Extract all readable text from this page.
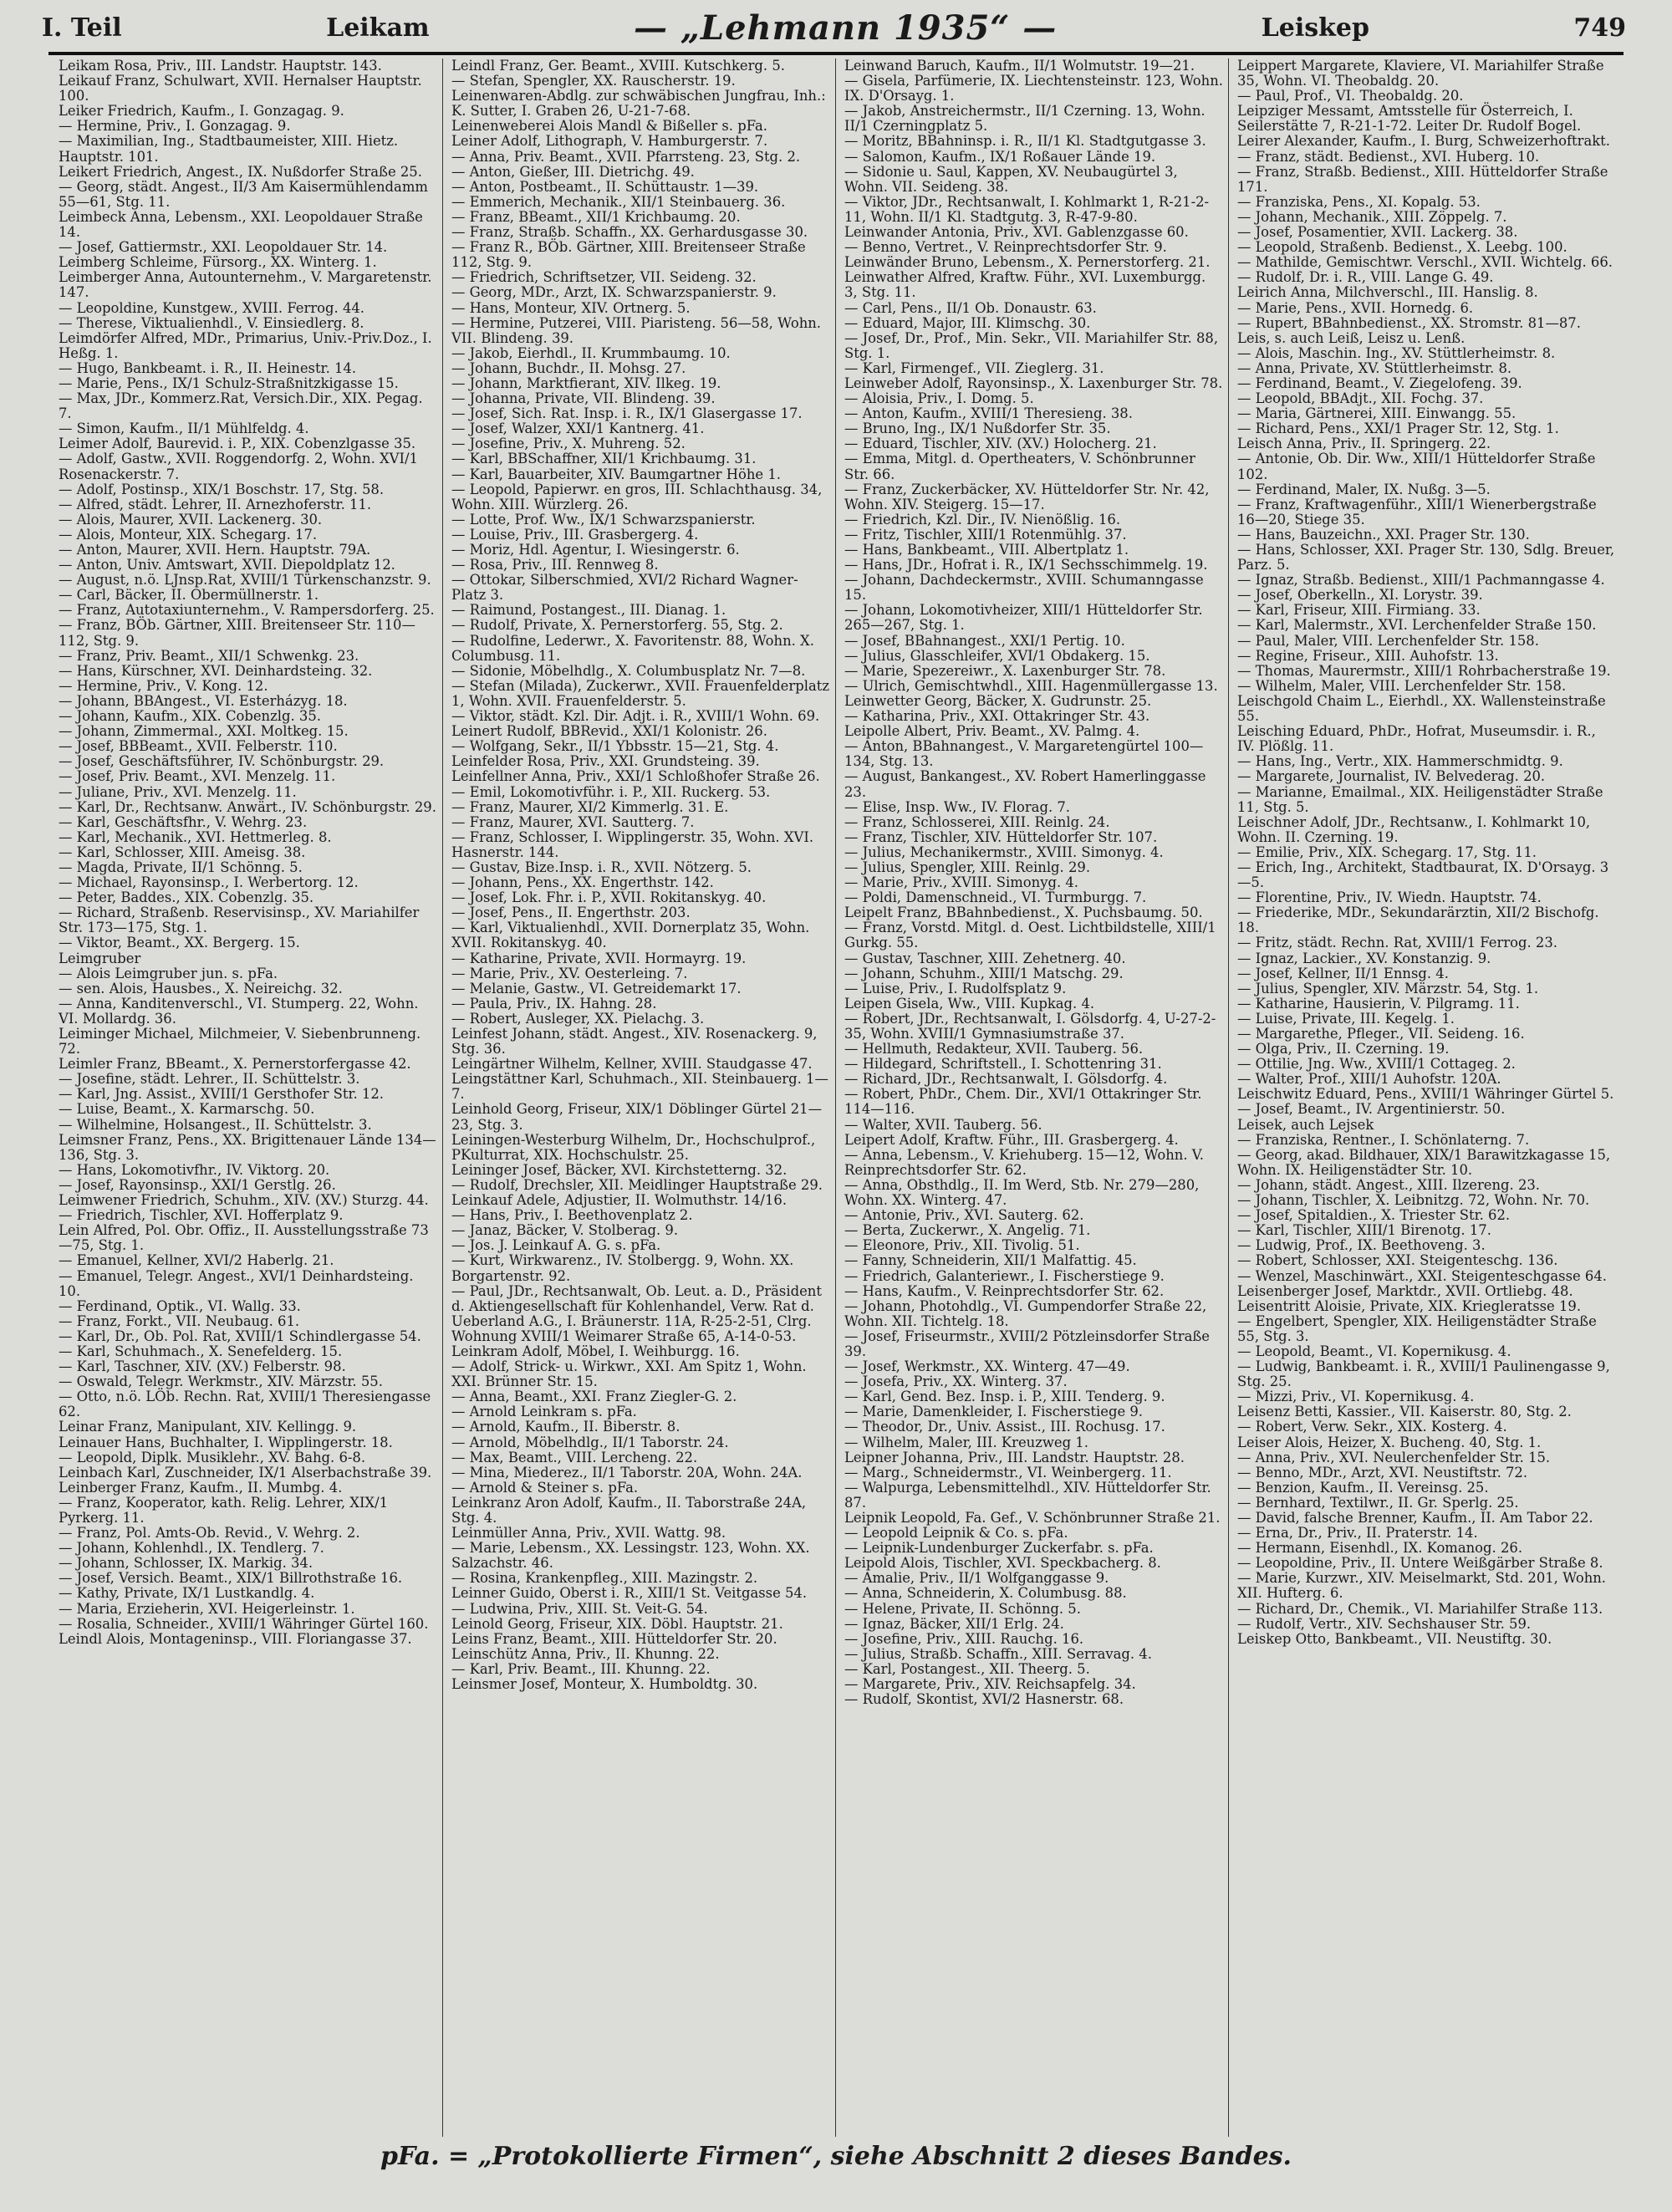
I. Teil	Leikam	— „Lehmann 1935“ —	Leiskep	749
Leikam Rosa, Priv., III. Landstr. Hauptstr. 143.
Leikauf Franz, Schulwart, XVII. Hernalser Hauptstr. 100.
Leiker Friedrich, Kaufm., I. Gonzagag. 9.
— Hermine, Priv., I. Gonzagag. 9.
— Maximilian, Ing., Stadtbaumeister, XIII. Hietz. Hauptstr. 101.
Leikert Friedrich, Angest., IX. Nußdorfer Straße 25.
— Georg, städt. Angest., II/3 Am Kaisermühlendamm 55—61, Stg. 11.
Leimbeck Anna, Lebensm., XXI. Leopoldauer Straße 14.
— Josef, Gattiermstr., XXI. Leopoldauer Str. 14.
Leimberg Schleime, Fürsorg., XX. Winterg. 1.
Leimberger Anna, Autounternehm., V. Margaretenstr. 147.
— Leopoldine, Kunstgew., XVIII. Ferrog. 44.
— Therese, Viktualienhdl., V. Einsiedlerg. 8.
Leimdörfer Alfred, MDr., Primarius, Univ.-Priv.Doz., I. Heßg. 1.
— Hugo, Bankbeamt. i. R., II. Heinestr. 14.
— Marie, Pens., IX/1 Schulz-Straßnitzkigasse 15.
— Max, JDr., Kommerz.Rat, Versich.Dir., XIX. Pegag. 7.
— Simon, Kaufm., II/1 Mühlfeldg. 4.
Leimer Adolf, Baurevid. i. P., XIX. Cobenzlgasse 35.
— Adolf, Gastw., XVII. Roggendorfg. 2, Wohn. XVI/1 Rosenackerstr. 7.
— Adolf, Postinsp., XIX/1 Boschstr. 17, Stg. 58.
— Alfred, städt. Lehrer, II. Arnezhoferstr. 11.
— Alois, Maurer, XVII. Lackenerg. 30.
— Alois, Monteur, XIX. Schegarg. 17.
— Anton, Maurer, XVII. Hern. Hauptstr. 79A.
— Anton, Univ. Amtswart, XVII. Diepoldplatz 12.
— August, n.ö. LJnsp.Rat, XVIII/1 Türkenschanzstr. 9.
— Carl, Bäcker, II. Obermüllnerstr. 1.
— Franz, Autotaxiunternehm., V. Rampersdorferg. 25.
— Franz, BÖb. Gärtner, XIII. Breitenseer Str. 110—112, Stg. 9.
— Franz, Priv. Beamt., XII/1 Schwenkg. 23.
— Hans, Kürschner, XVI. Deinhardsteing. 32.
— Hermine, Priv., V. Kong. 12.
— Johann, BBAngest., VI. Esterházyg. 18.
— Johann, Kaufm., XIX. Cobenzlg. 35.
— Johann, Zimmermal., XXI. Moltkeg. 15.
— Josef, BBBeamt., XVII. Felberstr. 110.
— Josef, Geschäftsführer, IV. Schönburgstr. 29.
— Josef, Priv. Beamt., XVI. Menzelg. 11.
— Juliane, Priv., XVI. Menzelg. 11.
— Karl, Dr., Rechtsanw. Anwärt., IV. Schönburgstr. 29.
— Karl, Geschäftsfhr., V. Wehrg. 23.
— Karl, Mechanik., XVI. Hettmerleg. 8.
— Karl, Schlosser, XIII. Ameisg. 38.
— Magda, Private, II/1 Schönng. 5.
— Michael, Rayonsinsp., I. Werbertorg. 12.
— Peter, Baddes., XIX. Cobenzlg. 35.
— Richard, Straßenb. Reservisinsp., XV. Mariahilfer Str. 173—175, Stg. 1.
— Viktor, Beamt., XX. Bergerg. 15.
Leimgruber
— Alois Leimgruber jun. s. pFa.
— sen. Alois, Hausbes., X. Neireichg. 32.
— Anna, Kanditenverschl., VI. Stumperg. 22, Wohn. VI. Mollardg. 36.
Leiminger Michael, Milchmeier, V. Siebenbrunneng. 72.
Leimler Franz, BBeamt., X. Pernerstorfergasse 42.
— Josefine, städt. Lehrer., II. Schüttelstr. 3.
— Karl, Jng. Assist., XVIII/1 Gersthofer Str. 12.
— Luise, Beamt., X. Karmarschg. 50.
— Wilhelmine, Holsangest., II. Schüttelstr. 3.
Leimsner Franz, Pens., XX. Brigittenauer Lände 134—136, Stg. 3.
— Hans, Lokomotivfhr., IV. Viktorg. 20.
— Josef, Rayonsinsp., XXI/1 Gerstlg. 26.
Leimwener Friedrich, Schuhm., XIV. (XV.) Sturzg. 44.
— Friedrich, Tischler, XVI. Hofferplatz 9.
Lein Alfred, Pol. Obr. Offiz., II. Ausstellungsstraße 73—75, Stg. 1.
— Emanuel, Kellner, XVI/2 Haberlg. 21.
— Emanuel, Telegr. Angest., XVI/1 Deinhardsteing. 10.
— Ferdinand, Optik., VI. Wallg. 33.
— Franz, Forkt., VII. Neubaug. 61.
— Karl, Dr., Ob. Pol. Rat, XVIII/1 Schindlergasse 54.
— Karl, Schuhmach., X. Senefelderg. 15.
— Karl, Taschner, XIV. (XV.) Felberstr. 98.
— Oswald, Telegr. Werkmstr., XIV. Märzstr. 55.
— Otto, n.ö. LÖb. Rechn. Rat, XVIII/1 Theresiengasse 62.
Leinar Franz, Manipulant, XIV. Kellingg. 9.
Leinauer Hans, Buchhalter, I. Wipplingerstr. 18.
— Leopold, Diplk. Musiklehr., XV. Bahg. 6-8.
Leinbach Karl, Zuschneider, IX/1 Alserbachstraße 39.
Leinberger Franz, Kaufm., II. Mumbg. 4.
— Franz, Kooperator, kath. Relig. Lehrer, XIX/1 Pyrkerg. 11.
— Franz, Pol. Amts-Ob. Revid., V. Wehrg. 2.
— Johann, Kohlenhdl., IX. Tendlerg. 7.
— Johann, Schlosser, IX. Markig. 34.
— Josef, Versich. Beamt., XIX/1 Billrothstraße 16.
— Kathy, Private, IX/1 Lustkandlg. 4.
— Maria, Erzieherin, XVI. Heigerleinstr. 1.
— Rosalia, Schneider., XVIII/1 Währinger Gürtel 160.
Leindl Alois, Montageninsp., VIII. Floriangasse 37.
Leindl Franz, Ger. Beamt., XVIII. Kutschkerg. 5.
— Stefan, Spengler, XX. Rauscherstr. 19.
Leinenwaren-Abdlg. zur schwäbischen Jungfrau, Inh.: K. Sutter, I. Graben 26, U-21-7-68.
Leinenweberei Alois Mandl & Bißeller s. pFa.
Leiner Adolf, Lithograph, V. Hamburgerstr. 7.
— Anna, Priv. Beamt., XVII. Pfarrsteng. 23, Stg. 2.
— Anton, Gießer, III. Dietrichg. 49.
— Anton, Postbeamt., II. Schüttaustr. 1—39.
— Emmerich, Mechanik., XII/1 Steinbauerg. 36.
— Franz, BBeamt., XII/1 Krichbaumg. 20.
— Franz, Straßb. Schaffn., XX. Gerhardusgasse 30.
— Franz R., BÖb. Gärtner, XIII. Breitenseer Straße 112, Stg. 9.
— Friedrich, Schriftsetzer, VII. Seideng. 32.
— Georg, MDr., Arzt, IX. Schwarzspanierstr. 9.
— Hans, Monteur, XIV. Ortnerg. 5.
— Hermine, Putzerei, VIII. Piaristeng. 56—58, Wohn. VII. Blindeng. 39.
— Jakob, Eierhdl., II. Krummbaumg. 10.
— Johann, Buchdr., II. Mohsg. 27.
— Johann, Marktfierant, XIV. Ilkeg. 19.
— Johanna, Private, VII. Blindeng. 39.
— Josef, Sich. Rat. Insp. i. R., IX/1 Glasergasse 17.
— Josef, Walzer, XXI/1 Kantnerg. 41.
— Josefine, Priv., X. Muhreng. 52.
— Karl, BBSchaffner, XII/1 Krichbaumg. 31.
— Karl, Bauarbeiter, XIV. Baumgartner Höhe 1.
— Leopold, Papierwr. en gros, III. Schlachthausg. 34, Wohn. XIII. Würzlerg. 26.
— Lotte, Prof. Ww., IX/1 Schwarzspanierstr.
— Louise, Priv., III. Grasbergerg. 4.
— Moriz, Hdl. Agentur, I. Wiesingerstr. 6.
— Rosa, Priv., III. Rennweg 8.
— Ottokar, Silberschmied, XVI/2 Richard Wagner-Platz 3.
— Raimund, Postangest., III. Dianag. 1.
— Rudolf, Private, X. Pernerstorferg. 55, Stg. 2.
— Rudolfine, Lederwr., X. Favoritenstr. 88, Wohn. X. Columbusg. 11.
— Sidonie, Möbelhdlg., X. Columbusplatz Nr. 7—8.
— Stefan (Milada), Zuckerwr., XVII. Frauenfelderplatz 1, Wohn. XVII. Frauenfelderstr. 5.
— Viktor, städt. Kzl. Dir. Adjt. i. R., XVIII/1 Wohn. 69.
Leinert Rudolf, BBRevid., XXI/1 Kolonistr. 26.
— Wolfgang, Sekr., II/1 Ybbsstr. 15—21, Stg. 4.
Leinfelder Rosa, Priv., XXI. Grundsteing. 39.
Leinfellner Anna, Priv., XXI/1 Schloßhofer Straße 26.
— Emil, Lokomotivführ. i. P., XII. Ruckerg. 53.
— Franz, Maurer, XI/2 Kimmerlg. 31. E.
— Franz, Maurer, XVI. Sautterg. 7.
— Franz, Schlosser, I. Wipplingerstr. 35, Wohn. XVI. Hasnerstr. 144.
— Gustav, Bize.Insp. i. R., XVII. Nötzerg. 5.
— Johann, Pens., XX. Engerthstr. 142.
— Josef, Lok. Fhr. i. P., XVII. Rokitanskyg. 40.
— Josef, Pens., II. Engerthstr. 203.
— Karl, Viktualienhdl., XVII. Dornerplatz 35, Wohn. XVII. Rokitanskyg. 40.
— Katharine, Private, XVII. Hormayrg. 19.
— Marie, Priv., XV. Oesterleing. 7.
— Melanie, Gastw., VI. Getreidemarkt 17.
— Paula, Priv., IX. Hahng. 28.
— Robert, Ausleger, XX. Pielachg. 3.
Leinfest Johann, städt. Angest., XIV. Rosenackerg. 9, Stg. 36.
Leingärtner Wilhelm, Kellner, XVIII. Staudgasse 47.
Leingstättner Karl, Schuhmach., XII. Steinbauerg. 1—7.
Leinhold Georg, Friseur, XIX/1 Döblinger Gürtel 21—23, Stg. 3.
Leiningen-Westerburg Wilhelm, Dr., Hochschulprof., PKulturrat, XIX. Hochschulstr. 25.
Leininger Josef, Bäcker, XVI. Kirchstetterng. 32.
— Rudolf, Drechsler, XII. Meidlinger Hauptstraße 29.
Leinkauf Adele, Adjustier, II. Wolmuthstr. 14/16.
— Hans, Priv., I. Beethovenplatz 2.
— Janaz, Bäcker, V. Stolberag. 9.
— Jos. J. Leinkauf A. G. s. pFa.
— Kurt, Wirkwarenz., IV. Stolbergg. 9, Wohn. XX. Borgartenstr. 92.
— Paul, JDr., Rechtsanwalt, Ob. Leut. a. D., Präsident d. Aktiengesellschaft für Kohlenhandel, Verw. Rat d. Ueberland A.G., I. Bräunerstr. 11A, R-25-2-51, Clrg. Wohnung XVIII/1 Weimarer Straße 65, A-14-0-53.
Leinkram Adolf, Möbel, I. Weihburgg. 16.
— Adolf, Strick- u. Wirkwr., XXI. Am Spitz 1, Wohn. XXI. Brünner Str. 15.
— Anna, Beamt., XXI. Franz Ziegler-G. 2.
— Arnold Leinkram s. pFa.
— Arnold, Kaufm., II. Biberstr. 8.
— Arnold, Möbelhdlg., II/1 Taborstr. 24.
— Max, Beamt., VIII. Lercheng. 22.
— Mina, Miederez., II/1 Taborstr. 20A, Wohn. 24A.
— Arnold & Steiner s. pFa.
Leinkranz Aron Adolf, Kaufm., II. Taborstraße 24A, Stg. 4.
Leinmüller Anna, Priv., XVII. Wattg. 98.
— Marie, Lebensm., XX. Lessingstr. 123, Wohn. XX. Salzachstr. 46.
— Rosina, Krankenpfleg., XIII. Mazingstr. 2.
Leinner Guido, Oberst i. R., XIII/1 St. Veitgasse 54.
— Ludwina, Priv., XIII. St. Veit-G. 54.
Leinold Georg, Friseur, XIX. Döbl. Hauptstr. 21.
Leins Franz, Beamt., XIII. Hütteldorfer Str. 20.
Leinschütz Anna, Priv., II. Khunng. 22.
— Karl, Priv. Beamt., III. Khunng. 22.
Leinsmer Josef, Monteur, X. Humboldtg. 30.
Leinwand Baruch, Kaufm., II/1 Wolmutstr. 19—21.
— Gisela, Parfümerie, IX. Liechtensteinstr. 123, Wohn. IX. D'Orsayg. 1.
— Jakob, Anstreichermstr., II/1 Czerning. 13, Wohn. II/1 Czerningplatz 5.
— Moritz, BBahninsp. i. R., II/1 Kl. Stadtgutgasse 3.
— Salomon, Kaufm., IX/1 Roßauer Lände 19.
— Sidonie u. Saul, Kappen, XV. Neubaugürtel 3, Wohn. VII. Seideng. 38.
— Viktor, JDr., Rechtsanwalt, I. Kohlmarkt 1, R-21-2-11, Wohn. II/1 Kl. Stadtgutg. 3, R-47-9-80.
Leinwander Antonia, Priv., XVI. Gablenzgasse 60.
— Benno, Vertret., V. Reinprechtsdorfer Str. 9.
Leinwänder Bruno, Lebensm., X. Pernerstorferg. 21.
Leinwather Alfred, Kraftw. Führ., XVI. Luxemburgg. 3, Stg. 11.
— Carl, Pens., II/1 Ob. Donaustr. 63.
— Eduard, Major, III. Klimschg. 30.
— Josef, Dr., Prof., Min. Sekr., VII. Mariahilfer Str. 88, Stg. 1.
— Karl, Firmengef., VII. Zieglerg. 31.
Leinweber Adolf, Rayonsinsp., X. Laxenburger Str. 78.
— Aloisia, Priv., I. Domg. 5.
— Anton, Kaufm., XVIII/1 Theresieng. 38.
— Bruno, Ing., IX/1 Nußdorfer Str. 35.
— Eduard, Tischler, XIV. (XV.) Holocherg. 21.
— Emma, Mitgl. d. Opertheaters, V. Schönbrunner Str. 66.
— Franz, Zuckerbäcker, XV. Hütteldorfer Str. Nr. 42, Wohn. XIV. Steigerg. 15—17.
— Friedrich, Kzl. Dir., IV. Nienößlig. 16.
— Fritz, Tischler, XIII/1 Rotenmühlg. 37.
— Hans, Bankbeamt., VIII. Albertplatz 1.
— Hans, JDr., Hofrat i. R., IX/1 Sechsschimmelg. 19.
— Johann, Dachdeckermstr., XVIII. Schumanngasse 15.
— Johann, Lokomotivheizer, XIII/1 Hütteldorfer Str. 265—267, Stg. 1.
— Josef, BBahnangest., XXI/1 Pertig. 10.
— Julius, Glasschleifer, XVI/1 Obdakerg. 15.
— Marie, Spezereiwr., X. Laxenburger Str. 78.
— Ulrich, Gemischtwhdl., XIII. Hagenmüllergasse 13.
Leinwetter Georg, Bäcker, X. Gudrunstr. 25.
— Katharina, Priv., XXI. Ottakringer Str. 43.
Leipolle Albert, Priv. Beamt., XV. Palmg. 4.
— Anton, BBahnangest., V. Margaretengürtel 100—134, Stg. 13.
— August, Bankangest., XV. Robert Hamerlinggasse 23.
— Elise, Insp. Ww., IV. Florag. 7.
— Franz, Schlosserei, XIII. Reinlg. 24.
— Franz, Tischler, XIV. Hütteldorfer Str. 107.
— Julius, Mechanikermstr., XVIII. Simonyg. 4.
— Julius, Spengler, XIII. Reinlg. 29.
— Marie, Priv., XVIII. Simonyg. 4.
— Poldi, Damenschneid., VI. Turmburgg. 7.
Leipelt Franz, BBahnbedienst., X. Puchsbaumg. 50.
— Franz, Vorstd. Mitgl. d. Oest. Lichtbildstelle, XIII/1 Gurkg. 55.
— Gustav, Taschner, XIII. Zehetnerg. 40.
— Johann, Schuhm., XIII/1 Matschg. 29.
— Luise, Priv., I. Rudolfsplatz 9.
Leipen Gisela, Ww., VIII. Kupkag. 4.
— Robert, JDr., Rechtsanwalt, I. Gölsdorfg. 4, U-27-2-35, Wohn. XVIII/1 Gymnasiumstraße 37.
— Hellmuth, Redakteur, XVII. Tauberg. 56.
— Hildegard, Schriftstell., I. Schottenring 31.
— Richard, JDr., Rechtsanwalt, I. Gölsdorfg. 4.
— Robert, PhDr., Chem. Dir., XVI/1 Ottakringer Str. 114—116.
— Walter, XVII. Tauberg. 56.
Leipert Adolf, Kraftw. Führ., III. Grasbergerg. 4.
— Anna, Lebensm., V. Kriehuberg. 15—12, Wohn. V. Reinprechtsdorfer Str. 62.
— Anna, Obsthdlg., II. Im Werd, Stb. Nr. 279—280, Wohn. XX. Winterg. 47.
— Antonie, Priv., XVI. Sauterg. 62.
— Berta, Zuckerwr., X. Angelig. 71.
— Eleonore, Priv., XII. Tivolig. 51.
— Fanny, Schneiderin, XII/1 Malfattig. 45.
— Friedrich, Galanteriewr., I. Fischerstiege 9.
— Hans, Kaufm., V. Reinprechtsdorfer Str. 62.
— Johann, Photohdlg., VI. Gumpendorfer Straße 22, Wohn. XII. Tichtelg. 18.
— Josef, Friseurmstr., XVIII/2 Pötzleinsdorfer Straße 39.
— Josef, Werkmstr., XX. Winterg. 47—49.
— Josefa, Priv., XX. Winterg. 37.
— Karl, Gend. Bez. Insp. i. P., XIII. Tenderg. 9.
— Marie, Damenkleider, I. Fischerstiege 9.
— Theodor, Dr., Univ. Assist., III. Rochusg. 17.
— Wilhelm, Maler, III. Kreuzweg 1.
Leipner Johanna, Priv., III. Landstr. Hauptstr. 28.
— Marg., Schneidermstr., VI. Weinbergerg. 11.
— Walpurga, Lebensmittelhdl., XIV. Hütteldorfer Str. 87.
Leipnik Leopold, Fa. Gef., V. Schönbrunner Straße 21.
— Leopold Leipnik & Co. s. pFa.
— Leipnik-Lundenburger Zuckerfabr. s. pFa.
Leipold Alois, Tischler, XVI. Speckbacherg. 8.
— Amalie, Priv., II/1 Wolfganggasse 9.
— Anna, Schneiderin, X. Columbusg. 88.
— Helene, Private, II. Schönng. 5.
— Ignaz, Bäcker, XII/1 Erlg. 24.
— Josefine, Priv., XIII. Rauchg. 16.
— Julius, Straßb. Schaffn., XIII. Serravag. 4.
— Karl, Postangest., XII. Theerg. 5.
— Margarete, Priv., XIV. Reichsapfelg. 34.
— Rudolf, Skontist, XVI/2 Hasnerstr. 68.
Leippert Margarete, Klaviere, VI. Mariahilfer Straße 35, Wohn. VI. Theobaldg. 20.
— Paul, Prof., VI. Theobaldg. 20.
Leipziger Messamt, Amtsstelle für Österreich, I. Seilerstätte 7, R-21-1-72. Leiter Dr. Rudolf Bogel.
Leirer Alexander, Kaufm., I. Burg, Schweizerhoftrakt.
— Franz, städt. Bedienst., XVI. Huberg. 10.
— Franz, Straßb. Bedienst., XIII. Hütteldorfer Straße 171.
— Franziska, Pens., XI. Kopalg. 53.
— Johann, Mechanik., XIII. Zöppelg. 7.
— Josef, Posamentier, XVII. Lackerg. 38.
— Leopold, Straßenb. Bedienst., X. Leebg. 100.
— Mathilde, Gemischtwr. Verschl., XVII. Wichtelg. 66.
— Rudolf, Dr. i. R., VIII. Lange G. 49.
Leirich Anna, Milchverschl., III. Hanslig. 8.
— Marie, Pens., XVII. Hornedg. 6.
— Rupert, BBahnbedienst., XX. Stromstr. 81—87.
Leis, s. auch Leiß, Leisz u. Lenß.
— Alois, Maschin. Ing., XV. Stüttlerheimstr. 8.
— Anna, Private, XV. Stüttlerheimstr. 8.
— Ferdinand, Beamt., V. Ziegelofeng. 39.
— Leopold, BBAdjt., XII. Fochg. 37.
— Maria, Gärtnerei, XIII. Einwangg. 55.
— Richard, Pens., XXI/1 Prager Str. 12, Stg. 1.
Leisch Anna, Priv., II. Springerg. 22.
— Antonie, Ob. Dir. Ww., XIII/1 Hütteldorfer Straße 102.
— Ferdinand, Maler, IX. Nußg. 3—5.
— Franz, Kraftwagenführ., XIII/1 Wienerbergstraße 16—20, Stiege 35.
— Hans, Bauzeichn., XXI. Prager Str. 130.
— Hans, Schlosser, XXI. Prager Str. 130, Sdlg. Breuer, Parz. 5.
— Ignaz, Straßb. Bedienst., XIII/1 Pachmanngasse 4.
— Josef, Oberkelln., XI. Lorystr. 39.
— Karl, Friseur, XIII. Firmiang. 33.
— Karl, Malermstr., XVI. Lerchenfelder Straße 150.
— Paul, Maler, VIII. Lerchenfelder Str. 158.
— Regine, Friseur., XIII. Auhofstr. 13.
— Thomas, Maurermstr., XIII/1 Rohrbacherstraße 19.
— Wilhelm, Maler, VIII. Lerchenfelder Str. 158.
Leischgold Chaim L., Eierhdl., XX. Wallensteinstraße 55.
Leisching Eduard, PhDr., Hofrat, Museumsdir. i. R., IV. Plößlg. 11.
— Hans, Ing., Vertr., XIX. Hammerschmidtg. 9.
— Margarete, Journalist, IV. Belvederag. 20.
— Marianne, Emailmal., XIX. Heiligenstädter Straße 11, Stg. 5.
Leischner Adolf, JDr., Rechtsanw., I. Kohlmarkt 10, Wohn. II. Czerning. 19.
— Emilie, Priv., XIX. Schegarg. 17, Stg. 11.
— Erich, Ing., Architekt, Stadtbaurat, IX. D'Orsayg. 3—5.
— Florentine, Priv., IV. Wiedn. Hauptstr. 74.
— Friederike, MDr., Sekundarärztin, XII/2 Bischofg. 18.
— Fritz, städt. Rechn. Rat, XVIII/1 Ferrog. 23.
— Ignaz, Lackier., XV. Konstanzig. 9.
— Josef, Kellner, II/1 Ennsg. 4.
— Julius, Spengler, XIV. Märzstr. 54, Stg. 1.
— Katharine, Hausierin, V. Pilgramg. 11.
— Luise, Private, III. Kegelg. 1.
— Margarethe, Pfleger., VII. Seideng. 16.
— Olga, Priv., II. Czerning. 19.
— Ottilie, Jng. Ww., XVIII/1 Cottageg. 2.
— Walter, Prof., XIII/1 Auhofstr. 120A.
Leischwitz Eduard, Pens., XVIII/1 Währinger Gürtel 5.
— Josef, Beamt., IV. Argentinierstr. 50.
Leisek, auch Lejsek
— Franziska, Rentner., I. Schönlaterng. 7.
— Georg, akad. Bildhauer, XIX/1 Barawitzkagasse 15, Wohn. IX. Heiligenstädter Str. 10.
— Johann, städt. Angest., XIII. Ilzereng. 23.
— Johann, Tischler, X. Leibnitzg. 72, Wohn. Nr. 70.
— Josef, Spitaldien., X. Triester Str. 62.
— Karl, Tischler, XIII/1 Birenotg. 17.
— Ludwig, Prof., IX. Beethoveng. 3.
— Robert, Schlosser, XXI. Steigenteschg. 136.
— Wenzel, Maschinwärt., XXI. Steigenteschgasse 64.
Leisenberger Josef, Marktdr., XVII. Ortliebg. 48.
Leisentritt Aloisie, Private, XIX. Kriegleratsse 19.
— Engelbert, Spengler, XIX. Heiligenstädter Straße 55, Stg. 3.
— Leopold, Beamt., VI. Kopernikusg. 4.
— Ludwig, Bankbeamt. i. R., XVIII/1 Paulinengasse 9, Stg. 25.
— Mizzi, Priv., VI. Kopernikusg. 4.
Leisenz Betti, Kassier., VII. Kaiserstr. 80, Stg. 2.
— Robert, Verw. Sekr., XIX. Kosterg. 4.
Leiser Alois, Heizer, X. Bucheng. 40, Stg. 1.
— Anna, Priv., XVI. Neulerchenfelder Str. 15.
— Benno, MDr., Arzt, XVI. Neustiftstr. 72.
— Benzion, Kaufm., II. Vereinsg. 25.
— Bernhard, Textilwr., II. Gr. Sperlg. 25.
— David, falsche Brenner, Kaufm., II. Am Tabor 22.
— Erna, Dr., Priv., II. Praterstr. 14.
— Hermann, Eisenhdl., IX. Komanog. 26.
— Leopoldine, Priv., II. Untere Weißgärber Straße 8.
— Marie, Kurzwr., XIV. Meiselmarkt, Std. 201, Wohn. XII. Hufterg. 6.
— Richard, Dr., Chemik., VI. Mariahilfer Straße 113.
— Rudolf, Vertr., XIV. Sechshauser Str. 59.
Leiskep Otto, Bankbeamt., VII. Neustiftg. 30.
pFa. = „Protokollierte Firmen“, siehe Abschnitt 2 dieses Bandes.
